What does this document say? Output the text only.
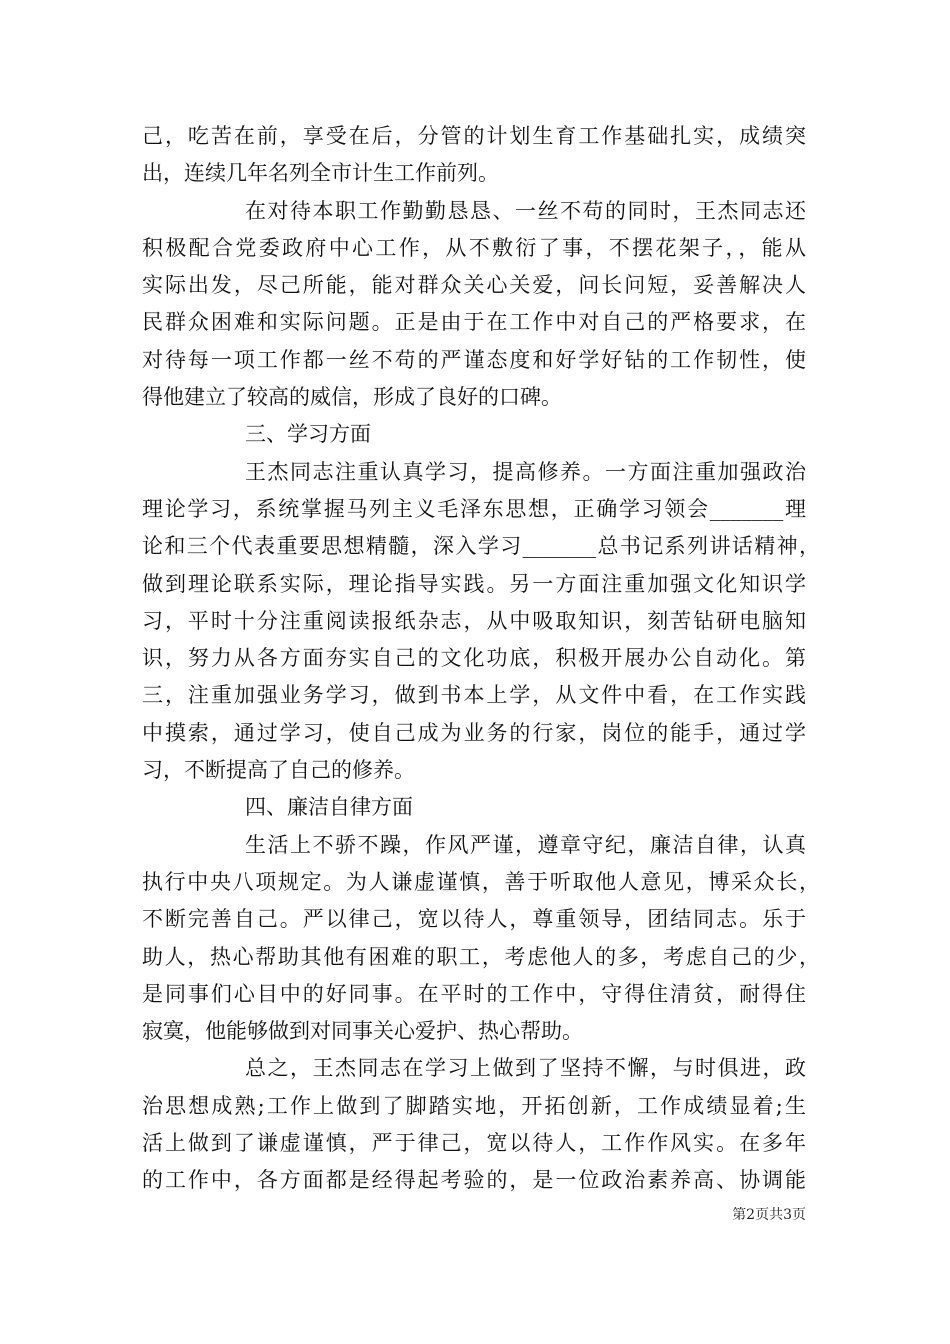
己，吃苦在前，享受在后，分管的计划生育工作基础扎实，成绩突
出，连续几年名列全市计生工作前列。
在对待本职工作勤勤恳恳、一丝不苟的同时，王杰同志还
积极配合党委政府中心工作，从不敷衍了事，不摆花架子，，能从
实际出发，尽己所能，能对群众关心关爱，问长问短，妥善解决人
民群众困难和实际问题。正是由于在工作中对自己的严格要求，在
对待每一项工作都一丝不苟的严谨态度和好学好钻的工作韧性，使
得他建立了较高的威信，形成了良好的口碑。
三、学习方面
王杰同志注重认真学习，提高修养。一方面注重加强政治
理论学习，系统掌握马列主义毛泽东思想，正确学习领会_______理
论和三个代表重要思想精髓，深入学习_______总书记系列讲话精神，
做到理论联系实际，理论指导实践。另一方面注重加强文化知识学
习，平时十分注重阅读报纸杂志，从中吸取知识，刻苦钻研电脑知
识，努力从各方面夯实自己的文化功底，积极开展办公自动化。第
三，注重加强业务学习，做到书本上学，从文件中看，在工作实践
中摸索，通过学习，使自己成为业务的行家，岗位的能手，通过学
习，不断提高了自己的修养。
四、廉洁自律方面
生活上不骄不躁，作风严谨，遵章守纪，廉洁自律，认真
执行中央八项规定。为人谦虚谨慎，善于听取他人意见，博采众长，
不断完善自己。严以律己，宽以待人，尊重领导，团结同志。乐于
助人，热心帮助其他有困难的职工，考虑他人的多，考虑自己的少，
是同事们心目中的好同事。在平时的工作中，守得住清贫，耐得住
寂寞，他能够做到对同事关心爱护、热心帮助。
总之，王杰同志在学习上做到了坚持不懈，与时俱进，政
治思想成熟;工作上做到了脚踏实地，开拓创新，工作成绩显着;生
活上做到了谦虚谨慎，严于律己，宽以待人，工作作风实。在多年
的工作中，各方面都是经得起考验的，是一位政治素养高、协调能
第2页共3页
